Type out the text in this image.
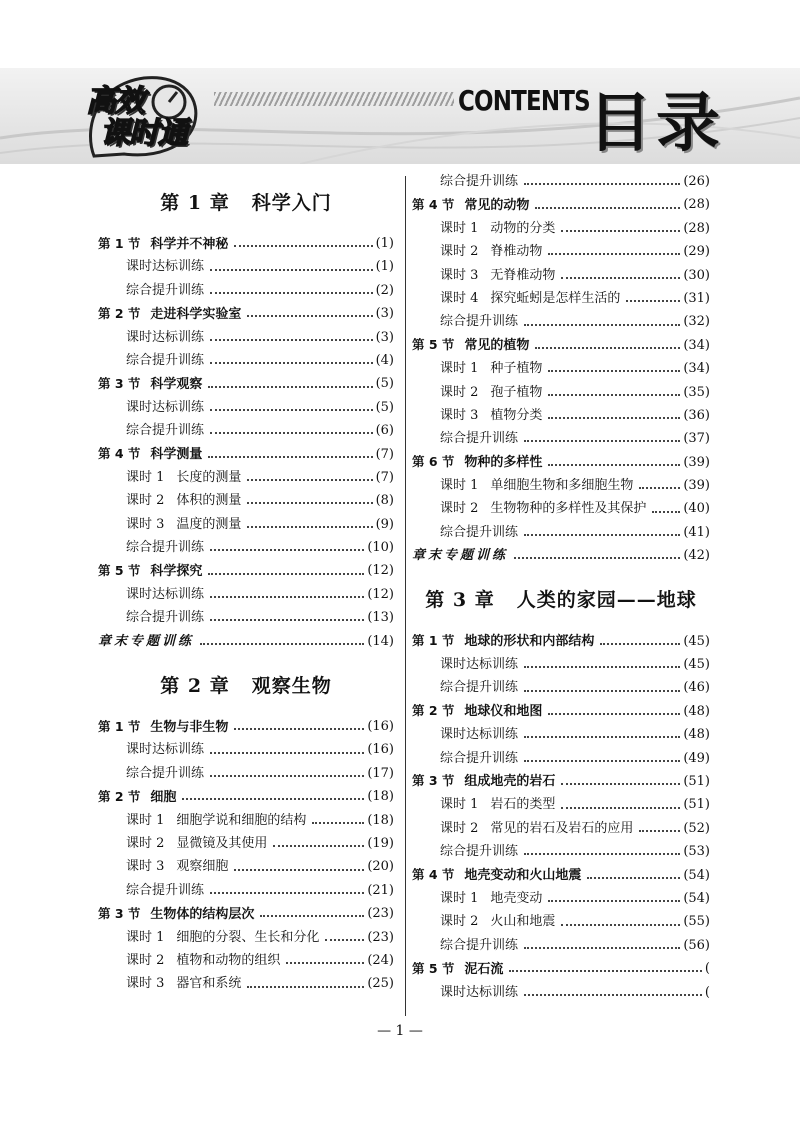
高效
课时通
CONTENTS
目录
第 1 章 科学入门
第 1 节 科学并不神秘	(1)
课时达标训练	(1)
综合提升训练	(2)
第 2 节 走进科学实验室	(3)
课时达标训练	(3)
综合提升训练	(4)
第 3 节 科学观察	(5)
课时达标训练	(5)
综合提升训练	(6)
第 4 节 科学测量	(7)
课时 1 长度的测量	(7)
课时 2 体积的测量	(8)
课时 3 温度的测量	(9)
综合提升训练	(10)
第 5 节 科学探究	(12)
课时达标训练	(12)
综合提升训练	(13)
章末专题训练	(14)
第 2 章 观察生物
第 1 节 生物与非生物	(16)
课时达标训练	(16)
综合提升训练	(17)
第 2 节 细胞	(18)
课时 1 细胞学说和细胞的结构	(18)
课时 2 显微镜及其使用	(19)
课时 3 观察细胞	(20)
综合提升训练	(21)
第 3 节 生物体的结构层次	(23)
课时 1 细胞的分裂、生长和分化	(23)
课时 2 植物和动物的组织	(24)
课时 3 器官和系统	(25)
综合提升训练	(26)
第 4 节 常见的动物	(28)
课时 1 动物的分类	(28)
课时 2 脊椎动物	(29)
课时 3 无脊椎动物	(30)
课时 4 探究蚯蚓是怎样生活的	(31)
综合提升训练	(32)
第 5 节 常见的植物	(34)
课时 1 种子植物	(34)
课时 2 孢子植物	(35)
课时 3 植物分类	(36)
综合提升训练	(37)
第 6 节 物种的多样性	(39)
课时 1 单细胞生物和多细胞生物	(39)
课时 2 生物物种的多样性及其保护	(40)
综合提升训练	(41)
章末专题训练	(42)
第 3 章 人类的家园——地球
第 1 节 地球的形状和内部结构	(45)
课时达标训练	(45)
综合提升训练	(46)
第 2 节 地球仪和地图	(48)
课时达标训练	(48)
综合提升训练	(49)
第 3 节 组成地壳的岩石	(51)
课时 1 岩石的类型	(51)
课时 2 常见的岩石及岩石的应用	(52)
综合提升训练	(53)
第 4 节 地壳变动和火山地震	(54)
课时 1 地壳变动	(54)
课时 2 火山和地震	(55)
综合提升训练	(56)
第 5 节 泥石流	(
课时达标训练	(
— 1 —
